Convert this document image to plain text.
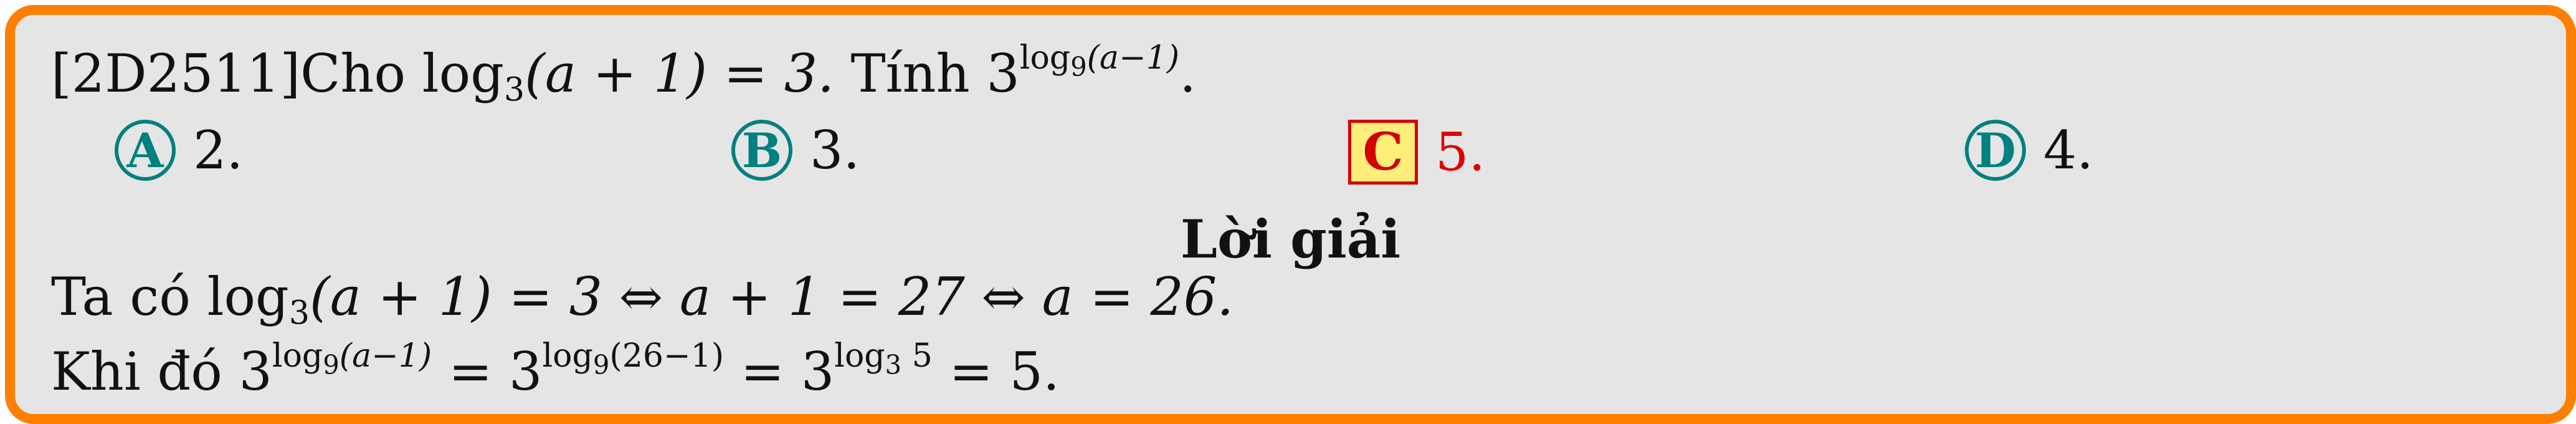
[2D2511]Cho $\log_3(a + 1) = 3$. Tính $3^{log_9(a-1)}$.
A 2.	B 3.	C 5.	D 4.
Lời giải
Ta có $\log_3(a + 1) = 3$ ⇔ a + 1 = 27 ⇔ a = 26.
Khi đó $3^{log_9(a-1)} = 3^{log_9(26-1)} = 3^{log_3 5} = 5$.
